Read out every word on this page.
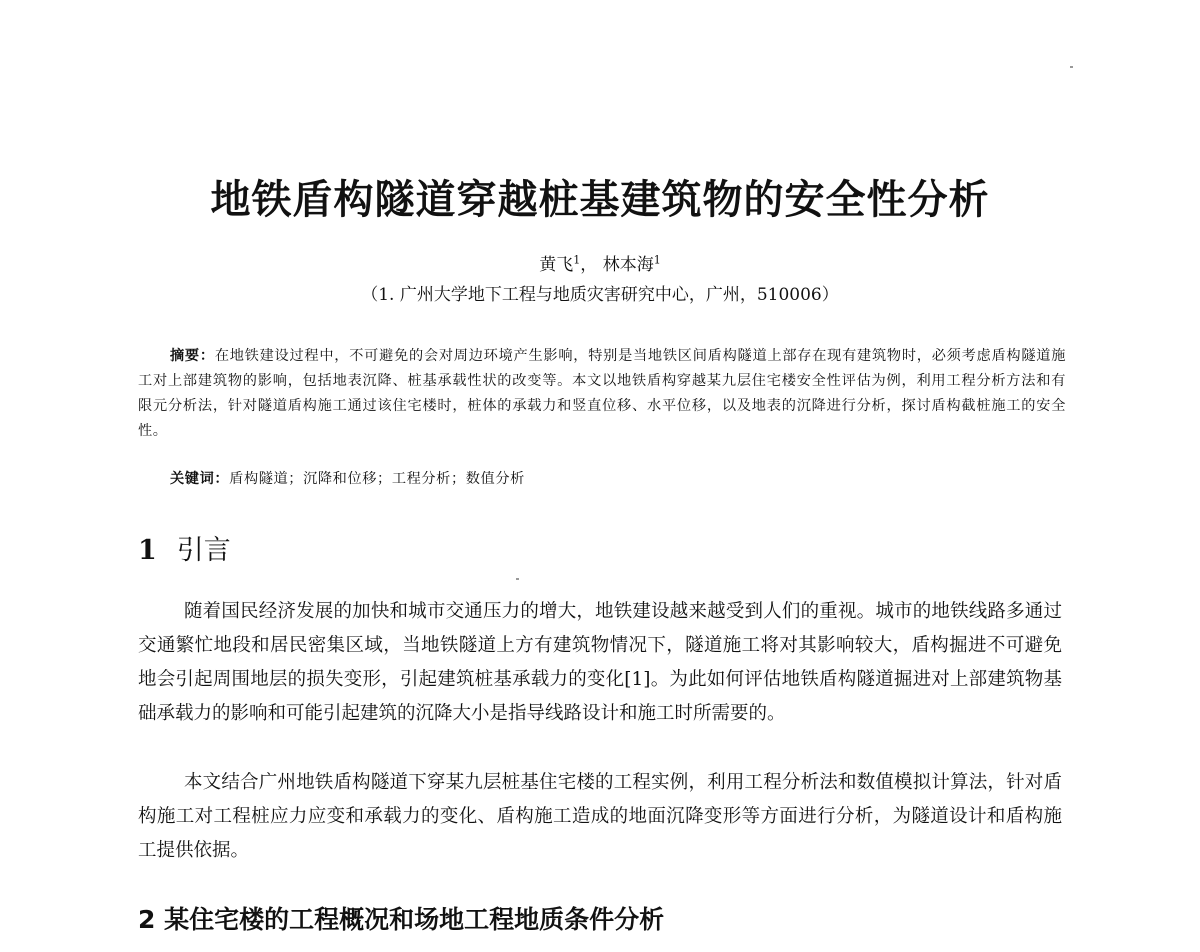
地铁盾构隧道穿越桩基建筑物的安全性分析
黄飞$^1$， 林本海$^1$
（1. 广州大学地下工程与地质灾害研究中心，广州，510006）
摘要：在地铁建设过程中，不可避免的会对周边环境产生影响，特别是当地铁区间盾构隧道上部存在现有建筑物时，必须考虑盾构隧道施工对上部建筑物的影响，包括地表沉降、桩基承载性状的改变等。本文以地铁盾构穿越某九层住宅楼安全性评估为例，利用工程分析方法和有限元分析法，针对隧道盾构施工通过该住宅楼时，桩体的承载力和竖直位移、水平位移，以及地表的沉降进行分析，探讨盾构截桩施工的安全性。
关键词：盾构隧道；沉降和位移；工程分析；数值分析
1 引言
随着国民经济发展的加快和城市交通压力的增大，地铁建设越来越受到人们的重视。城市的地铁线路多通过交通繁忙地段和居民密集区域，当地铁隧道上方有建筑物情况下，隧道施工将对其影响较大，盾构掘进不可避免地会引起周围地层的损失变形，引起建筑桩基承载力的变化[1]。为此如何评估地铁盾构隧道掘进对上部建筑物基础承载力的影响和可能引起建筑的沉降大小是指导线路设计和施工时所需要的。
本文结合广州地铁盾构隧道下穿某九层桩基住宅楼的工程实例，利用工程分析法和数值模拟计算法，针对盾构施工对工程桩应力应变和承载力的变化、盾构施工造成的地面沉降变形等方面进行分析，为隧道设计和盾构施工提供依据。
2 某住宅楼的工程概况和场地工程地质条件分析
